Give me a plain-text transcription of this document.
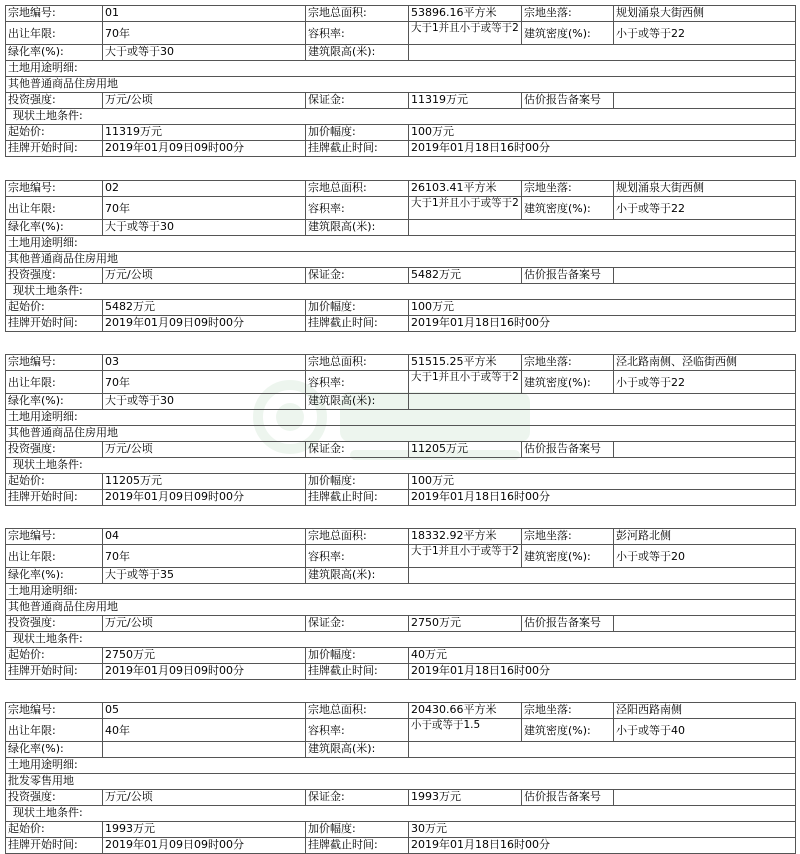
宗地编号:	01	宗地总面积:	53896.16平方米	宗地坐落:	规划涌泉大街西侧
出让年限:	70年	容积率:	大于1并且小于或等于2	建筑密度(%):	小于或等于22
绿化率(%):	大于或等于30	建筑限高(米):			
土地用途明细:					
其他普通商品住房用地					
投资强度:	万元/公顷	保证金:	11319万元	估价报告备案号	
现状土地条件:					
起始价:	11319万元	加价幅度:	100万元		
挂牌开始时间:	2019年01月09日09时00分	挂牌截止时间:	2019年01月18日16时00分		
宗地编号:	02	宗地总面积:	26103.41平方米	宗地坐落:	规划涌泉大街西侧
出让年限:	70年	容积率:	大于1并且小于或等于2	建筑密度(%):	小于或等于22
绿化率(%):	大于或等于30	建筑限高(米):			
土地用途明细:					
其他普通商品住房用地					
投资强度:	万元/公顷	保证金:	5482万元	估价报告备案号	
现状土地条件:					
起始价:	5482万元	加价幅度:	100万元		
挂牌开始时间:	2019年01月09日09时00分	挂牌截止时间:	2019年01月18日16时00分		
宗地编号:	03	宗地总面积:	51515.25平方米	宗地坐落:	泾北路南侧、泾临街西侧
出让年限:	70年	容积率:	大于1并且小于或等于2	建筑密度(%):	小于或等于22
绿化率(%):	大于或等于30	建筑限高(米):			
土地用途明细:					
其他普通商品住房用地					
投资强度:	万元/公顷	保证金:	11205万元	估价报告备案号	
现状土地条件:					
起始价:	11205万元	加价幅度:	100万元		
挂牌开始时间:	2019年01月09日09时00分	挂牌截止时间:	2019年01月18日16时00分		
宗地编号:	04	宗地总面积:	18332.92平方米	宗地坐落:	彭河路北侧
出让年限:	70年	容积率:	大于1并且小于或等于2	建筑密度(%):	小于或等于20
绿化率(%):	大于或等于35	建筑限高(米):			
土地用途明细:					
其他普通商品住房用地					
投资强度:	万元/公顷	保证金:	2750万元	估价报告备案号	
现状土地条件:					
起始价:	2750万元	加价幅度:	40万元		
挂牌开始时间:	2019年01月09日09时00分	挂牌截止时间:	2019年01月18日16时00分		
宗地编号:	05	宗地总面积:	20430.66平方米	宗地坐落:	泾阳西路南侧
出让年限:	40年	容积率:	小于或等于1.5	建筑密度(%):	小于或等于40
绿化率(%):		建筑限高(米):			
土地用途明细:					
批发零售用地					
投资强度:	万元/公顷	保证金:	1993万元	估价报告备案号	
现状土地条件:					
起始价:	1993万元	加价幅度:	30万元		
挂牌开始时间:	2019年01月09日09时00分	挂牌截止时间:	2019年01月18日16时00分		
